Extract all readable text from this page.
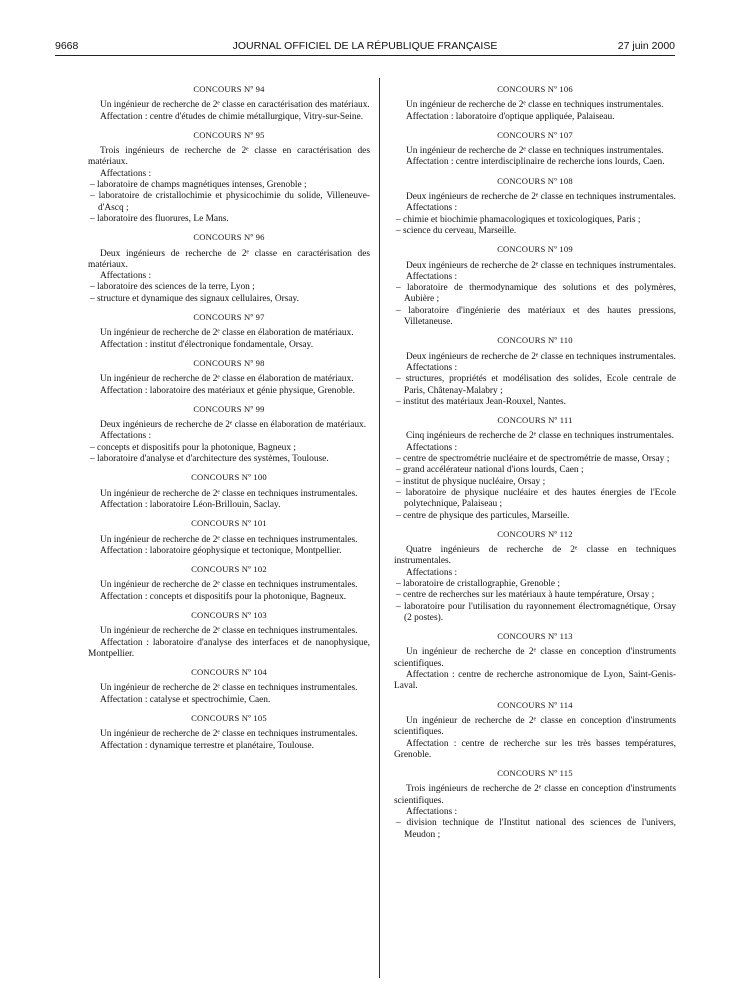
9668	JOURNAL OFFICIEL DE LA RÉPUBLIQUE FRANÇAISE	27 juin 2000
CONCOURS Nº 94
Un ingénieur de recherche de 2ᵉ classe en caractérisation des matériaux.
Affectation : centre d'études de chimie métallurgique, Vitry-sur-Seine.
CONCOURS Nº 95
Trois ingénieurs de recherche de 2ᵉ classe en caractérisation des matériaux.
Affectations :
– laboratoire de champs magnétiques intenses, Grenoble ;
– laboratoire de cristallochimie et physicochimie du solide, Villeneuve-d'Ascq ;
– laboratoire des fluorures, Le Mans.
CONCOURS Nº 96
Deux ingénieurs de recherche de 2ᵉ classe en caractérisation des matériaux.
Affectations :
– laboratoire des sciences de la terre, Lyon ;
– structure et dynamique des signaux cellulaires, Orsay.
CONCOURS Nº 97
Un ingénieur de recherche de 2ᵉ classe en élaboration de matériaux.
Affectation : institut d'électronique fondamentale, Orsay.
CONCOURS Nº 98
Un ingénieur de recherche de 2ᵉ classe en élaboration de matériaux.
Affectation : laboratoire des matériaux et génie physique, Grenoble.
CONCOURS Nº 99
Deux ingénieurs de recherche de 2ᵉ classe en élaboration de matériaux.
Affectations :
– concepts et dispositifs pour la photonique, Bagneux ;
– laboratoire d'analyse et d'architecture des systèmes, Toulouse.
CONCOURS Nº 100
Un ingénieur de recherche de 2ᵉ classe en techniques instrumentales.
Affectation : laboratoire Léon-Brillouin, Saclay.
CONCOURS Nº 101
Un ingénieur de recherche de 2ᵉ classe en techniques instrumentales.
Affectation : laboratoire géophysique et tectonique, Montpellier.
CONCOURS Nº 102
Un ingénieur de recherche de 2ᵉ classe en techniques instrumentales.
Affectation : concepts et dispositifs pour la photonique, Bagneux.
CONCOURS Nº 103
Un ingénieur de recherche de 2ᵉ classe en techniques instrumentales.
Affectation : laboratoire d'analyse des interfaces et de nanophysique, Montpellier.
CONCOURS Nº 104
Un ingénieur de recherche de 2ᵉ classe en techniques instrumentales.
Affectation : catalyse et spectrochimie, Caen.
CONCOURS Nº 105
Un ingénieur de recherche de 2ᵉ classe en techniques instrumentales.
Affectation : dynamique terrestre et planétaire, Toulouse.
CONCOURS Nº 106
Un ingénieur de recherche de 2ᵉ classe en techniques instrumentales.
Affectation : laboratoire d'optique appliquée, Palaiseau.
CONCOURS Nº 107
Un ingénieur de recherche de 2ᵉ classe en techniques instrumentales.
Affectation : centre interdisciplinaire de recherche ions lourds, Caen.
CONCOURS Nº 108
Deux ingénieurs de recherche de 2ᵉ classe en techniques instrumentales.
Affectations :
– chimie et biochimie phamacologiques et toxicologiques, Paris ;
– science du cerveau, Marseille.
CONCOURS Nº 109
Deux ingénieurs de recherche de 2ᵉ classe en techniques instrumentales.
Affectations :
– laboratoire de thermodynamique des solutions et des polymères, Aubière ;
– laboratoire d'ingénierie des matériaux et des hautes pressions, Villetaneuse.
CONCOURS Nº 110
Deux ingénieurs de recherche de 2ᵉ classe en techniques instrumentales.
Affectations :
– structures, propriétés et modélisation des solides, Ecole centrale de Paris, Châtenay-Malabry ;
– institut des matériaux Jean-Rouxel, Nantes.
CONCOURS Nº 111
Cinq ingénieurs de recherche de 2ᵉ classe en techniques instrumentales.
Affectations :
– centre de spectrométrie nucléaire et de spectrométrie de masse, Orsay ;
– grand accélérateur national d'ions lourds, Caen ;
– institut de physique nucléaire, Orsay ;
– laboratoire de physique nucléaire et des hautes énergies de l'Ecole polytechnique, Palaiseau ;
– centre de physique des particules, Marseille.
CONCOURS Nº 112
Quatre ingénieurs de recherche de 2ᵉ classe en techniques instrumentales.
Affectations :
– laboratoire de cristallographie, Grenoble ;
– centre de recherches sur les matériaux à haute température, Orsay ;
– laboratoire pour l'utilisation du rayonnement électromagnétique, Orsay (2 postes).
CONCOURS Nº 113
Un ingénieur de recherche de 2ᵉ classe en conception d'instruments scientifiques.
Affectation : centre de recherche astronomique de Lyon, Saint-Genis-Laval.
CONCOURS Nº 114
Un ingénieur de recherche de 2ᵉ classe en conception d'instruments scientifiques.
Affectation : centre de recherche sur les très basses températures, Grenoble.
CONCOURS Nº 115
Trois ingénieurs de recherche de 2ᵉ classe en conception d'instruments scientifiques.
Affectations :
– division technique de l'Institut national des sciences de l'univers, Meudon ;
